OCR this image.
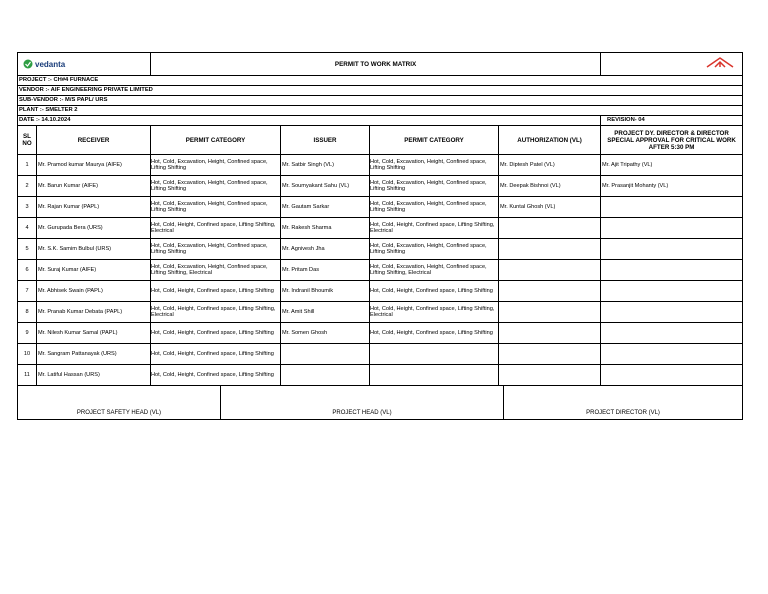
vedanta	PERMIT TO WORK MATRIX	
PROJECT :- CH#4 FURNACE
VENDOR :- AIF ENGINEERING PRIVATE LIMITED
SUB-VENDOR :- M/S PAPL/ URS
PLANT :- SMELTER 2
DATE :- 14.10.2024	REVISION- 04
SL NO	RECEIVER	PERMIT CATEGORY	ISSUER	PERMIT CATEGORY	AUTHORIZATION (VL)	PROJECT DY. DIRECTOR & DIRECTOR SPECIAL APPROVAL FOR CRITICAL WORK AFTER 5:30 PM
1	Mr. Pramod kumar Maurya (AIFE)	Hot, Cold, Excavation, Height, Confined space, Lifting Shifting	Mr. Satbir Singh (VL)	Hot, Cold, Excavation, Height, Confined space, Lifting Shifting	Mr. Diptesh Patel (VL)	Mr. Ajit Tripathy (VL)
2	Mr. Barun Kumar (AIFE)	Hot, Cold, Excavation, Height, Confined space, Lifting Shifting	Mr. Soumyakant Sahu (VL)	Hot, Cold, Excavation, Height, Confined space, Lifting Shifting	Mr. Deepak Bishnoi (VL)	Mr. Prasanjit Mohanty (VL)
3	Mr. Rajan Kumar (PAPL)	Hot, Cold, Excavation, Height, Confined space, Lifting Shifting	Mr. Gautam Sarkar	Hot, Cold, Excavation, Height, Confined space, Lifting Shifting	Mr. Kuntal Ghosh (VL)	
4	Mr. Gurupada Bera (URS)	Hot, Cold, Height, Confined space, Lifting Shifting, Electrical	Mr. Rakesh Sharma	Hot, Cold, Height, Confined space, Lifting Shifting, Electrical		
5	Mr. S.K. Samim Bulbul (URS)	Hot, Cold, Excavation, Height, Confined space, Lifting Shifting	Mr. Agnivesh Jha	Hot, Cold, Excavation, Height, Confined space, Lifting Shifting		
6	Mr. Suraj Kumar (AIFE)	Hot, Cold, Excavation, Height, Confined space, Lifting Shifting, Electrical	Mr. Pritam Das	Hot, Cold, Excavation, Height, Confined space, Lifting Shifting, Electrical		
7	Mr. Abhisek Swain (PAPL)	Hot, Cold, Height, Confined space, Lifting Shifting	Mr. Indranil Bhoumik	Hot, Cold, Height, Confined space, Lifting Shifting		
8	Mr. Pranab Kumar Debata (PAPL)	Hot, Cold, Height, Confined space, Lifting Shifting, Electrical	Mr. Amit Shill	Hot, Cold, Height, Confined space, Lifting Shifting, Electrical		
9	Mr. Nilesh Kumar Samal (PAPL)	Hot, Cold, Height, Confined space, Lifting Shifting	Mr. Somen Ghosh	Hot, Cold, Height, Confined space, Lifting Shifting		
10	Mr. Sangram Pattanayak (URS)	Hot, Cold, Height, Confined space, Lifting Shifting				
11	Mr. Latiful Hassan (URS)	Hot, Cold, Height, Confined space, Lifting Shifting				

PROJECT SAFETY HEAD (VL)	PROJECT HEAD (VL)	PROJECT DIRECTOR (VL)
